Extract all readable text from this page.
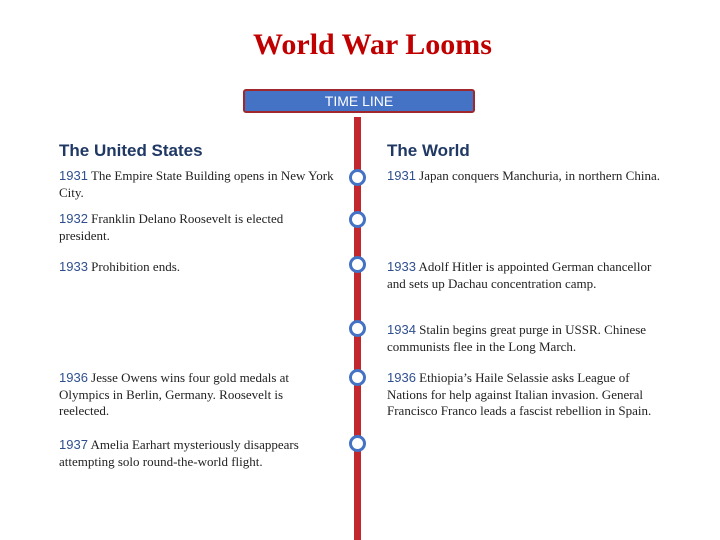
World War Looms
TIME LINE
The United States	The World
1931 The Empire State Building opens in New York City.
1932 Franklin Delano Roosevelt is elected president.
1933 Prohibition ends.
1936 Jesse Owens wins four gold medals at Olympics in Berlin, Germany. Roosevelt is reelected.
1937 Amelia Earhart mysteriously disappears attempting solo round-the-world flight.
1931 Japan conquers Manchuria, in northern China.
1933 Adolf Hitler is appointed German chancellor and sets up Dachau concentration camp.
1934 Stalin begins great purge in USSR. Chinese communists flee in the Long March.
1936 Ethiopia’s Haile Selassie asks League of Nations for help against Italian invasion. General Francisco Franco leads a fascist rebellion in Spain.
